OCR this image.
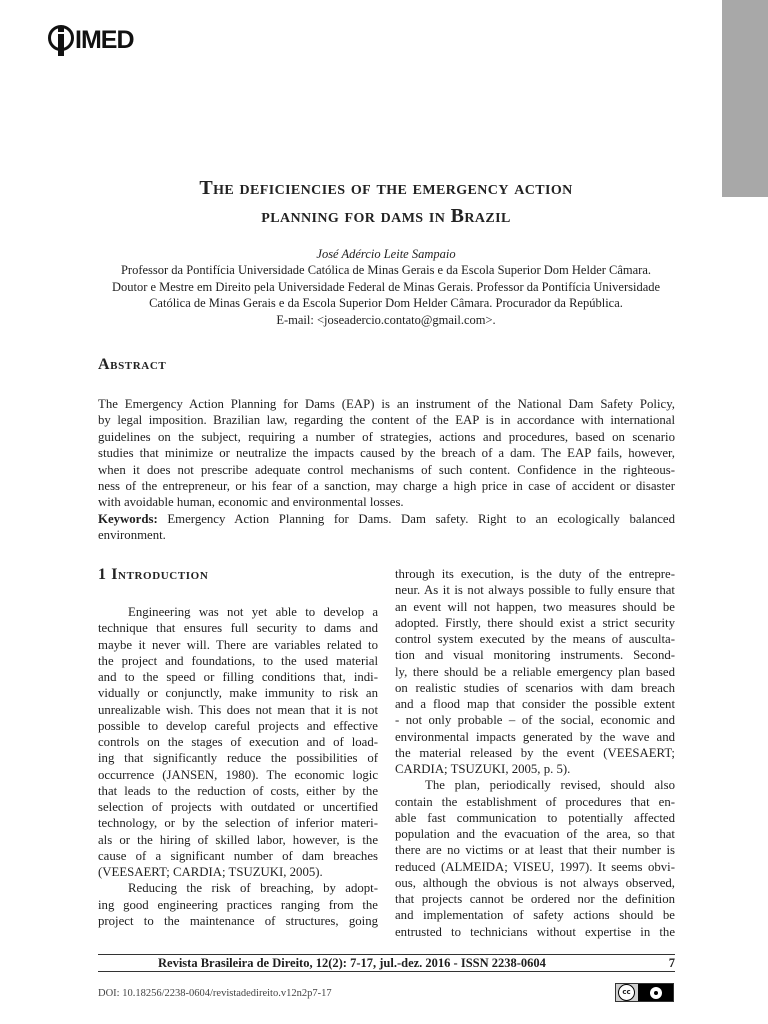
IMED
The deficiencies of the emergency action
planning for dams in Brazil
José Adércio Leite Sampaio
Professor da Pontifícia Universidade Católica de Minas Gerais e da Escola Superior Dom Helder Câmara.
Doutor e Mestre em Direito pela Universidade Federal de Minas Gerais. Professor da Pontifícia Universidade
Católica de Minas Gerais e da Escola Superior Dom Helder Câmara. Procurador da República.
E-mail: <joseadercio.contato@gmail.com>.
Abstract
The Emergency Action Planning for Dams (EAP) is an instrument of the National Dam Safety Policy,
by legal imposition. Brazilian law, regarding the content of the EAP is in accordance with international
guidelines on the subject, requiring a number of strategies, actions and procedures, based on scenario
studies that minimize or neutralize the impacts caused by the breach of a dam. The EAP fails, however,
when it does not prescribe adequate control mechanisms of such content. Confidence in the righteous-
ness of the entrepreneur, or his fear of a sanction, may charge a high price in case of accident or disaster
with avoidable human, economic and environmental losses.
Keywords: Emergency Action Planning for Dams. Dam safety. Right to an ecologically balanced
environment.
1 Introduction
Engineering was not yet able to develop a
technique that ensures full security to dams and
maybe it never will. There are variables related to
the project and foundations, to the used material
and to the speed or filling conditions that, indi-
vidually or conjunctly, make immunity to risk an
unrealizable wish. This does not mean that it is not
possible to develop careful projects and effective
controls on the stages of execution and of load-
ing that significantly reduce the possibilities of
occurrence (JANSEN, 1980). The economic logic
that leads to the reduction of costs, either by the
selection of projects with outdated or uncertified
technology, or by the selection of inferior materi-
als or the hiring of skilled labor, however, is the
cause of a significant number of dam breaches
(VEESAERT; CARDIA; TSUZUKI, 2005).
Reducing the risk of breaching, by adopt-
ing good engineering practices ranging from the
project to the maintenance of structures, going
through its execution, is the duty of the entrepre-
neur. As it is not always possible to fully ensure that
an event will not happen, two measures should be
adopted. Firstly, there should exist a strict security
control system executed by the means of ausculta-
tion and visual monitoring instruments. Second-
ly, there should be a reliable emergency plan based
on realistic studies of scenarios with dam breach
and a flood map that consider the possible extent
- not only probable – of the social, economic and
environmental impacts generated by the wave and
the material released by the event (VEESAERT;
CARDIA; TSUZUKI, 2005, p. 5).
The plan, periodically revised, should also
contain the establishment of procedures that en-
able fast communication to potentially affected
population and the evacuation of the area, so that
there are no victims or at least that their number is
reduced (ALMEIDA; VISEU, 1997). It seems obvi-
ous, although the obvious is not always observed,
that projects cannot be ordered nor the definition
and implementation of safety actions should be
entrusted to technicians without expertise in the
Revista Brasileira de Direito, 12(2): 7-17, jul.-dez. 2016 - ISSN 2238-0604	7
DOI: 10.18256/2238-0604/revistadedireito.v12n2p7-17	cc
